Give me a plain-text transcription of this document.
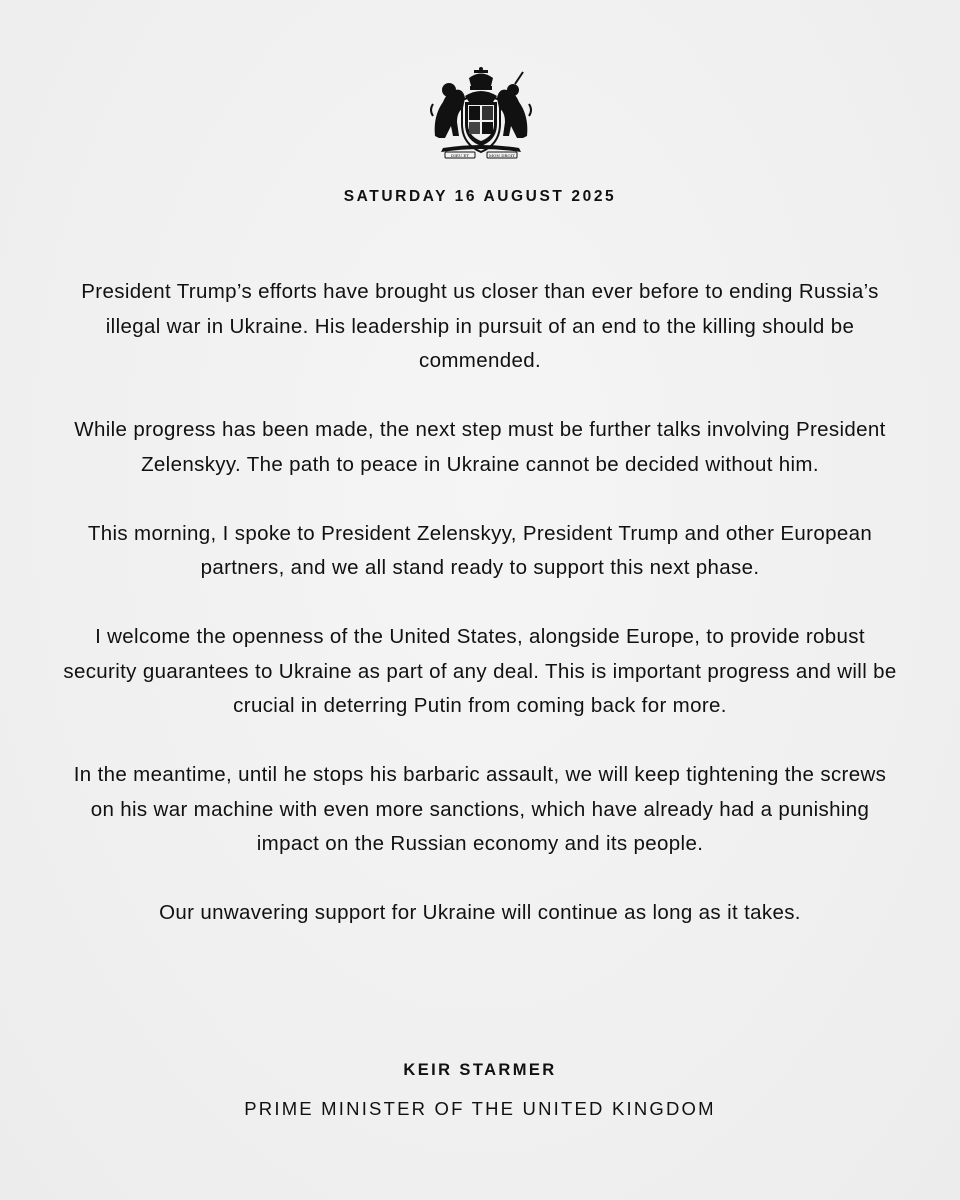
DIEU ET	MON DROIT
SATURDAY 16 AUGUST 2025

President Trump’s efforts have brought us closer than ever before to ending Russia’s illegal war in Ukraine. His leadership in pursuit of an end to the killing should be commended.

While progress has been made, the next step must be further talks involving President Zelenskyy. The path to peace in Ukraine cannot be decided without him.

This morning, I spoke to President Zelenskyy, President Trump and other European partners, and we all stand ready to support this next phase.

I welcome the openness of the United States, alongside Europe, to provide robust security guarantees to Ukraine as part of any deal. This is important progress and will be crucial in deterring Putin from coming back for more.

In the meantime, until he stops his barbaric assault, we will keep tightening the screws on his war machine with even more sanctions, which have already had a punishing impact on the Russian economy and its people.

Our unwavering support for Ukraine will continue as long as it takes.

KEIR STARMER
PRIME MINISTER OF THE UNITED KINGDOM
